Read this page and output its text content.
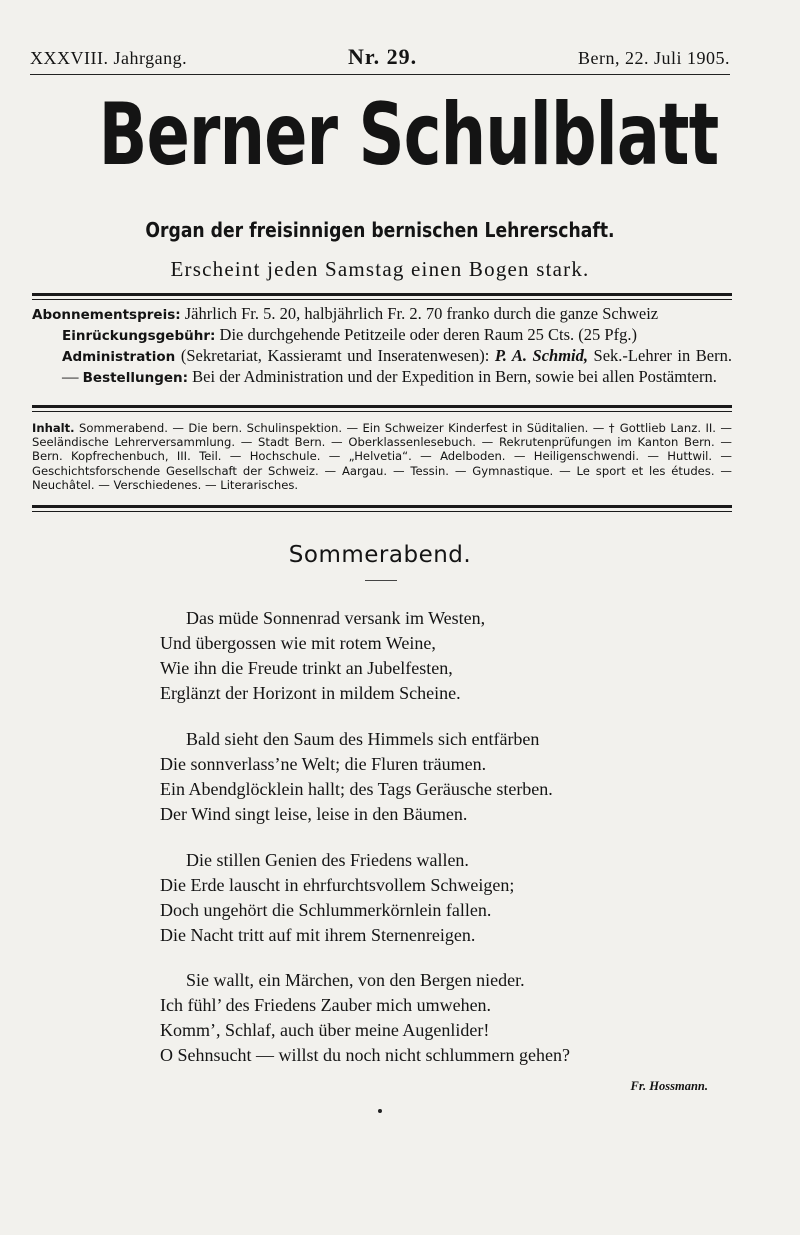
XXXVIII. Jahrgang.	Nr. 29.	Bern, 22. Juli 1905.
Berner Schulblatt
Organ der freisinnigen bernischen Lehrerschaft.
Erscheint jeden Samstag einen Bogen stark.
Abonnementspreis: Jährlich Fr. 5. 20, halbjährlich Fr. 2. 70 franko durch die ganze Schweiz
Einrückungsgebühr: Die durchgehende Petitzeile oder deren Raum 25 Cts. (25 Pfg.)
Administration (Sekretariat, Kassieramt und Inseratenwesen): P. A. Schmid, Sek.-Lehrer in Bern. — Bestellungen: Bei der Administration und der Expedition in Bern, sowie bei allen Postämtern.
Inhalt. Sommerabend. — Die bern. Schulinspektion. — Ein Schweizer Kinderfest in Süditalien. — † Gottlieb Lanz. II. — Seeländische Lehrerversammlung. — Stadt Bern. — Oberklassenlesebuch. — Rekrutenprüfungen im Kanton Bern. — Bern. Kopfrechenbuch, III. Teil. — Hochschule. — „Helvetia“. — Adelboden. — Heiligenschwendi. — Huttwil. — Geschichtsforschende Gesellschaft der Schweiz. — Aargau. — Tessin. — Gymnastique. — Le sport et les études. — Neuchâtel. — Verschiedenes. — Literarisches.
Sommerabend.
Das müde Sonnenrad versank im Westen,
Und übergossen wie mit rotem Weine,
Wie ihn die Freude trinkt an Jubelfesten,
Erglänzt der Horizont in mildem Scheine.
Bald sieht den Saum des Himmels sich entfärben
Die sonnverlass’ne Welt; die Fluren träumen.
Ein Abendglöcklein hallt; des Tags Geräusche sterben.
Der Wind singt leise, leise in den Bäumen.
Die stillen Genien des Friedens wallen.
Die Erde lauscht in ehrfurchtsvollem Schweigen;
Doch ungehört die Schlummerkörnlein fallen.
Die Nacht tritt auf mit ihrem Sternenreigen.
Sie wallt, ein Märchen, von den Bergen nieder.
Ich fühl’ des Friedens Zauber mich umwehen.
Komm’, Schlaf, auch über meine Augenlider!
O Sehnsucht — willst du noch nicht schlummern gehen?
Fr. Hossmann.
